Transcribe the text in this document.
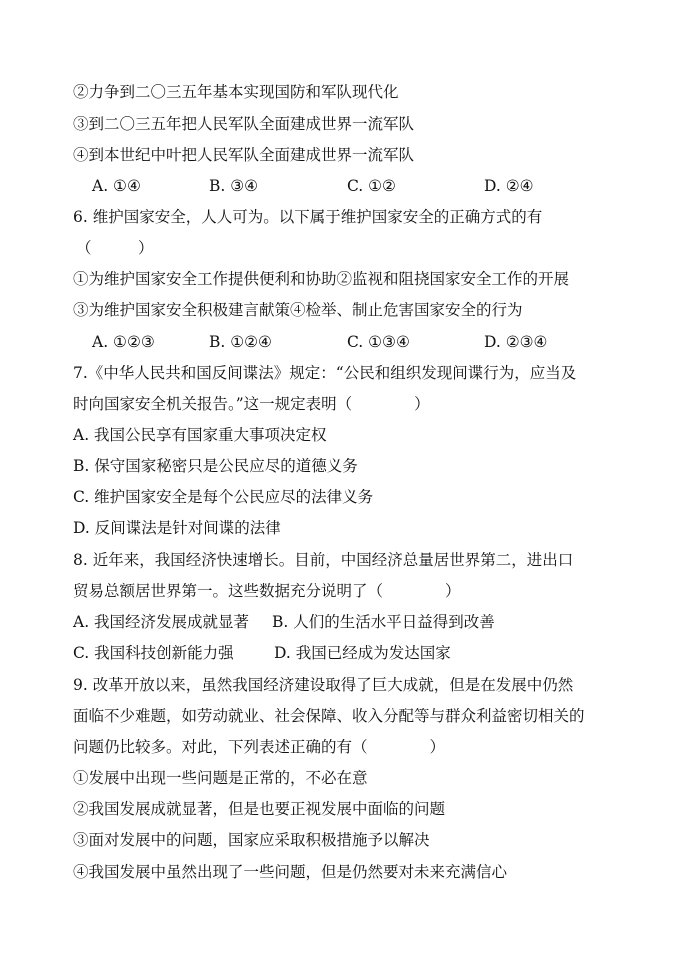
②力争到二〇三五年基本实现国防和军队现代化
③到二〇三五年把人民军队全面建成世界一流军队
④到本世纪中叶把人民军队全面建成世界一流军队
A. ①④	B. ③④	C. ①②	D. ②④
6. 维护国家安全，人人可为。以下属于维护国家安全的正确方式的有
（　　　）
①为维护国家安全工作提供便利和协助②监视和阻挠国家安全工作的开展
③为维护国家安全积极建言献策④检举、制止危害国家安全的行为
A. ①②③	B. ①②④	C. ①③④	D. ②③④
7.《中华人民共和国反间谍法》规定：“公民和组织发现间谍行为，应当及
时向国家安全机关报告。”这一规定表明（　　　　）
A. 我国公民享有国家重大事项决定权
B. 保守国家秘密只是公民应尽的道德义务
C. 维护国家安全是每个公民应尽的法律义务
D. 反间谍法是针对间谍的法律
8. 近年来，我国经济快速增长。目前，中国经济总量居世界第二，进出口
贸易总额居世界第一。这些数据充分说明了（　　　　）
A. 我国经济发展成就显著 B. 人们的生活水平日益得到改善
C. 我国科技创新能力强	D. 我国已经成为发达国家
9. 改革开放以来，虽然我国经济建设取得了巨大成就，但是在发展中仍然
面临不少难题，如劳动就业、社会保障、收入分配等与群众利益密切相关的
问题仍比较多。对此，下列表述正确的有（　　　　）
①发展中出现一些问题是正常的，不必在意
②我国发展成就显著，但是也要正视发展中面临的问题
③面对发展中的问题，国家应采取积极措施予以解决
④我国发展中虽然出现了一些问题，但是仍然要对未来充满信心
